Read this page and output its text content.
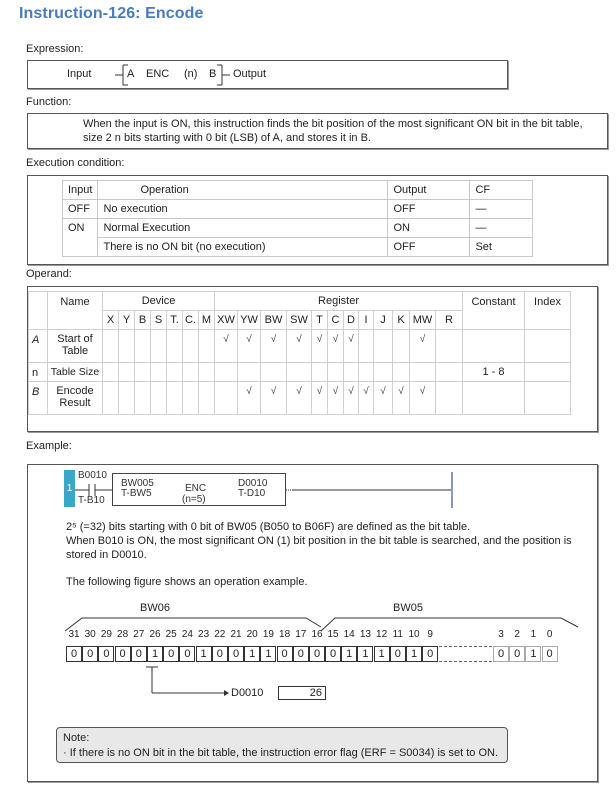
Instruction-126: Encode
Expression:
Input	A ENC (n) B Output
Function:
When the input is ON, this instruction finds the bit position of the most significant ON bit in the bit table,
size 2 n bits starting with 0 bit (LSB) of A, and stores it in B.
Execution condition:
Input	Operation	Output	CF
OFF	No execution	OFF	—
ON	Normal Execution	ON	—
	There is no ON bit (no execution)	OFF	Set
Operand:
	Name	Device							Register												Constant	Index
		X	Y	B	S	T.	C.	M	XW	YW	BW	SW	T	C	D	I	J	K	MW	R		
A	Start of Table								√	√	√	√	√	√	√				√			
n	Table Size																				1 - 8	
B	Encode Result									√	√	√	√	√	√	√	√	√	√			

Example:
1
B0010
T-B10
BW005
T-BW5	ENC
(n=5)
D0010
T-D10
2⁵ (=32) bits starting with 0 bit of BW05 (B050 to B06F) are defined as the bit table.
When B010 is ON, the most significant ON (1) bit position in the bit table is searched, and the position is
stored in D0010.
The following figure shows an operation example.
BW06	BW05
31
0
30
0
29
0
28
0
27
0
26
1
25
0
24
0
23
1
22
0
21
0
20
1
19
1
18
0
17
0
16
0
15
0
14
1
13
1
12
1
11
0
10
1
9
0
3
0
2
0
1
1
0
0
D0010	26
Note:
· If there is no ON bit in the bit table, the instruction error flag (ERF = S0034) is set to ON.
